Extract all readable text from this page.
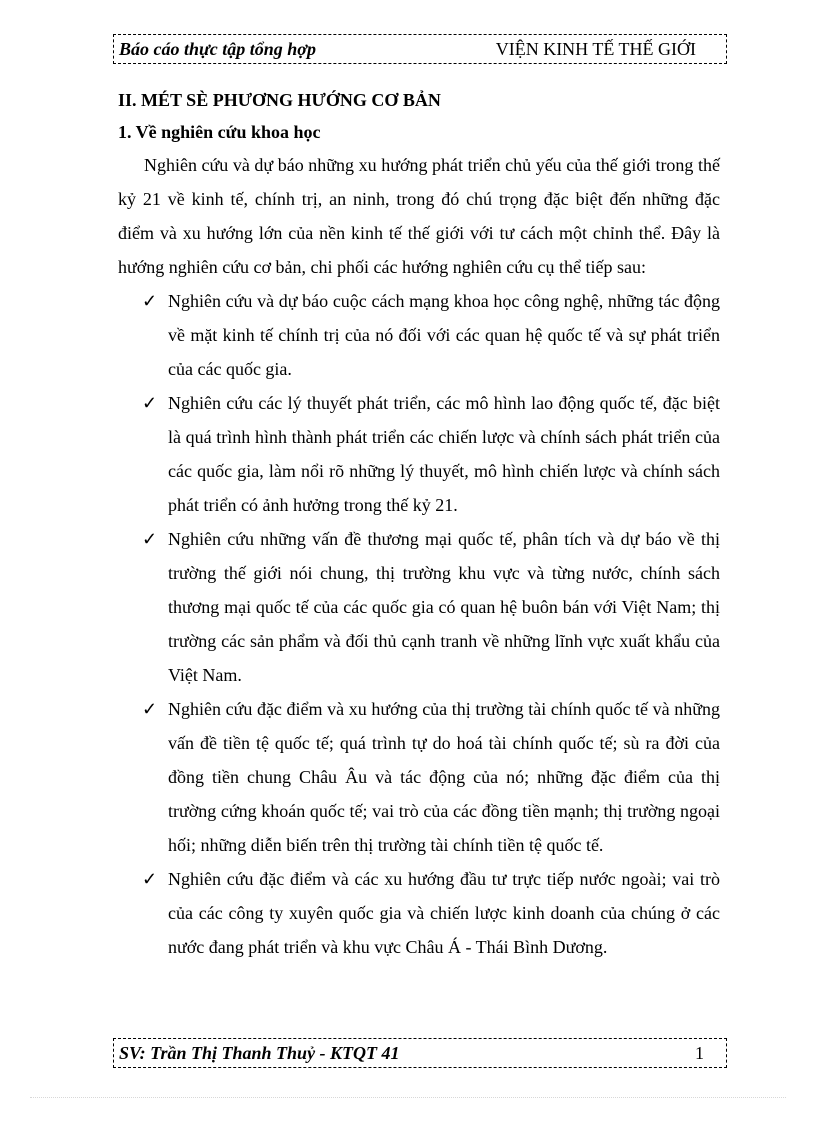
Báo cáo thực tập tổng hợp	VIỆN KINH TẾ THẾ GIỚI

II. MÉT SÈ PHƯƠNG HƯỚNG CƠ BẢN

1. Về nghiên cứu khoa học

Nghiên cứu và dự báo những xu hướng phát triển chủ yếu của thế giới trong thế kỷ 21 về kinh tế, chính trị, an ninh, trong đó chú trọng đặc biệt đến những đặc điểm và xu hướng lớn của nền kinh tế thế giới với tư cách một chỉnh thể. Đây là hướng nghiên cứu cơ bản, chi phối các hướng nghiên cứu cụ thể tiếp sau:

✓ Nghiên cứu và dự báo cuộc cách mạng khoa học công nghệ, những tác động về mặt kinh tế chính trị của nó đối với các quan hệ quốc tế và sự phát triển của các quốc gia.
✓ Nghiên cứu các lý thuyết phát triển, các mô hình lao động quốc tế, đặc biệt là quá trình hình thành phát triển các chiến lược và chính sách phát triển của các quốc gia, làm nổi rõ những lý thuyết, mô hình chiến lược và chính sách phát triển có ảnh hưởng trong thế kỷ 21.
✓ Nghiên cứu những vấn đề thương mại quốc tế, phân tích và dự báo về thị trường thế giới nói chung, thị trường khu vực và từng nước, chính sách thương mại quốc tế của các quốc gia có quan hệ buôn bán với Việt Nam; thị trường các sản phẩm và đối thủ cạnh tranh về những lĩnh vực xuất khẩu của Việt Nam.
✓ Nghiên cứu đặc điểm và xu hướng của thị trường tài chính quốc tế và những vấn đề tiền tệ quốc tế; quá trình tự do hoá tài chính quốc tế; sù ra đời của đồng tiền chung Châu Âu và tác động của nó; những đặc điểm của thị trường cứng khoán quốc tế; vai trò của các đồng tiền mạnh; thị trường ngoại hối; những diễn biến trên thị trường tài chính tiền tệ quốc tế.
✓ Nghiên cứu đặc điểm và các xu hướng đầu tư trực tiếp nước ngoài; vai trò của các công ty xuyên quốc gia và chiến lược kinh doanh của chúng ở các nước đang phát triển và khu vực Châu Á - Thái Bình Dương.
SV: Trần Thị Thanh Thuỷ - KTQT 41	1
